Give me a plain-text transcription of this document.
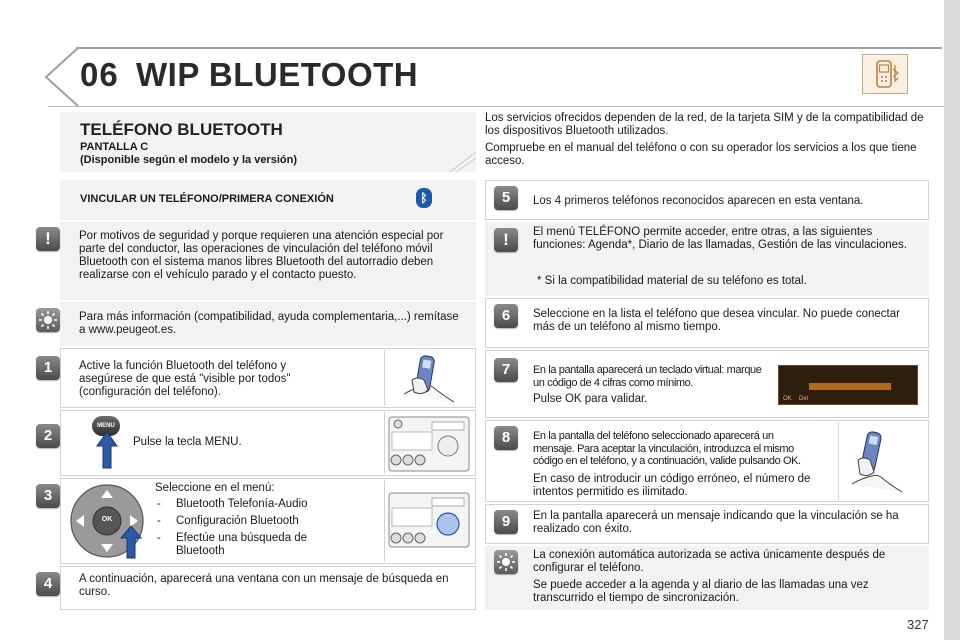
06 WIP BLUETOOTH
TELÉFONO BLUETOOTH
PANTALLA C
(Disponible según el modelo y la versión)

Los servicios ofrecidos dependen de la red, de la tarjeta SIM y de la compatibilidad de los dispositivos Bluetooth utilizados.

Compruebe en el manual del teléfono o con su operador los servicios a los que tiene acceso.

VINCULAR UN TELÉFONO/PRIMERA CONEXIÓN	ᛒ
!	Por motivos de seguridad y porque requieren una atención especial por parte del conductor, las operaciones de vinculación del teléfono móvil Bluetooth con el sistema manos libres Bluetooth del autorradio deben realizarse con el vehículo parado y el contacto puesto.
Para más información (compatibilidad, ayuda complementaria,...) remítase a www.peugeot.es.
1	Active la función Bluetooth del teléfono y asegúrese de que está "visible por todos" (configuración del teléfono).
2
MENU
Pulse la tecla MENU.
3
OK
Seleccione en el menú:
- Bluetooth Telefonía-Audio
- Configuración Bluetooth
- Efectúe una búsqueda de Bluetooth
4	A continuación, aparecerá una ventana con un mensaje de búsqueda en curso.
5	Los 4 primeros teléfonos reconocidos aparecen en esta ventana.
!	El menú TELÉFONO permite acceder, entre otras, a las siguientes funciones: Agenda*, Diario de las llamadas, Gestión de las vinculaciones.
* Si la compatibilidad material de su teléfono es total.
6	Seleccione en la lista el teléfono que desea vincular. No puede conectar más de un teléfono al mismo tiempo.
7	En la pantalla aparecerá un teclado virtual: marque un código de 4 cifras como mínimo.
Pulse OK para validar.	OK Del
8	En la pantalla del teléfono seleccionado aparecerá un mensaje. Para aceptar la vinculación, introduzca el mismo código en el teléfono, y a continuación, valide pulsando OK.
En caso de introducir un código erróneo, el número de intentos permitido es ilimitado.
9	En la pantalla aparecerá un mensaje indicando que la vinculación se ha realizado con éxito.
La conexión automática autorizada se activa únicamente después de configurar el teléfono.
Se puede acceder a la agenda y al diario de las llamadas una vez transcurrido el tiempo de sincronización.
327
